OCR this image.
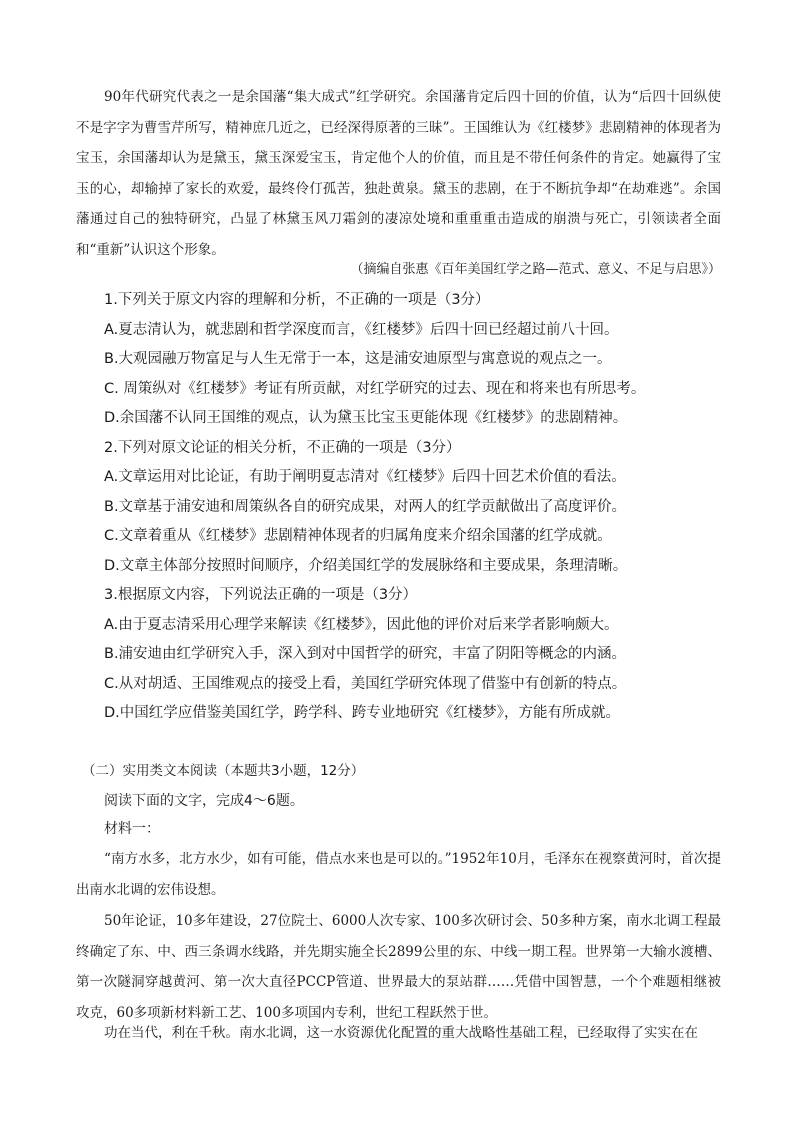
90年代研究代表之一是余国藩“集大成式”红学研究。余国藩肯定后四十回的价值，认为“后四十回纵使不是字字为曹雪芹所写，精神庶几近之，已经深得原著的三昧”。王国维认为《红楼梦》悲剧精神的体现者为宝玉，余国藩却认为是黛玉，黛玉深爱宝玉，肯定他个人的价值，而且是不带任何条件的肯定。她赢得了宝玉的心，却输掉了家长的欢爱，最终伶仃孤苦，独赴黄泉。黛玉的悲剧，在于不断抗争却“在劫难逃”。余国藩通过自己的独特研究，凸显了林黛玉风刀霜剑的凄凉处境和重重重击造成的崩溃与死亡，引领读者全面和“重新”认识这个形象。

（摘编自张惠《百年美国红学之路—范式、意义、不足与启思》）

1.下列关于原文内容的理解和分析，不正确的一项是（3分）

A.夏志清认为，就悲剧和哲学深度而言，《红楼梦》后四十回已经超过前八十回。

B.大观园融万物富足与人生无常于一本，这是浦安迪原型与寓意说的观点之一。

C. 周策纵对《红楼梦》考证有所贡献，对红学研究的过去、现在和将来也有所思考。

D.余国藩不认同王国维的观点，认为黛玉比宝玉更能体现《红楼梦》的悲剧精神。

2.下列对原文论证的相关分析，不正确的一项是（3分）

A.文章运用对比论证，有助于阐明夏志清对《红楼梦》后四十回艺术价值的看法。

B.文章基于浦安迪和周策纵各自的研究成果，对两人的红学贡献做出了高度评价。

C.文章着重从《红楼梦》悲剧精神体现者的归属角度来介绍余国藩的红学成就。

D.文章主体部分按照时间顺序，介绍美国红学的发展脉络和主要成果，条理清晰。

3.根据原文内容，下列说法正确的一项是（3分）

A.由于夏志清采用心理学来解读《红楼梦》，因此他的评价对后来学者影响颇大。

B.浦安迪由红学研究入手，深入到对中国哲学的研究，丰富了阴阳等概念的内涵。

C.从对胡适、王国维观点的接受上看，美国红学研究体现了借鉴中有创新的特点。

D.中国红学应借鉴美国红学，跨学科、跨专业地研究《红楼梦》，方能有所成就。

（二）实用类文本阅读（本题共3小题，12分）

阅读下面的文字，完成4～6题。

材料一：

“南方水多，北方水少，如有可能，借点水来也是可以的。”1952年10月，毛泽东在视察黄河时，首次提出南水北调的宏伟设想。

50年论证，10多年建设，27位院士、6000人次专家、100多次研讨会、50多种方案，南水北调工程最终确定了东、中、西三条调水线路，并先期实施全长2899公里的东、中线一期工程。世界第一大输水渡槽、第一次隧洞穿越黄河、第一次大直径PCCP管道、世界最大的泵站群……凭借中国智慧，一个个难题相继被攻克，60多项新材料新工艺、100多项国内专利，世纪工程跃然于世。

功在当代，利在千秋。南水北调，这一水资源优化配置的重大战略性基础工程，已经取得了实实在在
